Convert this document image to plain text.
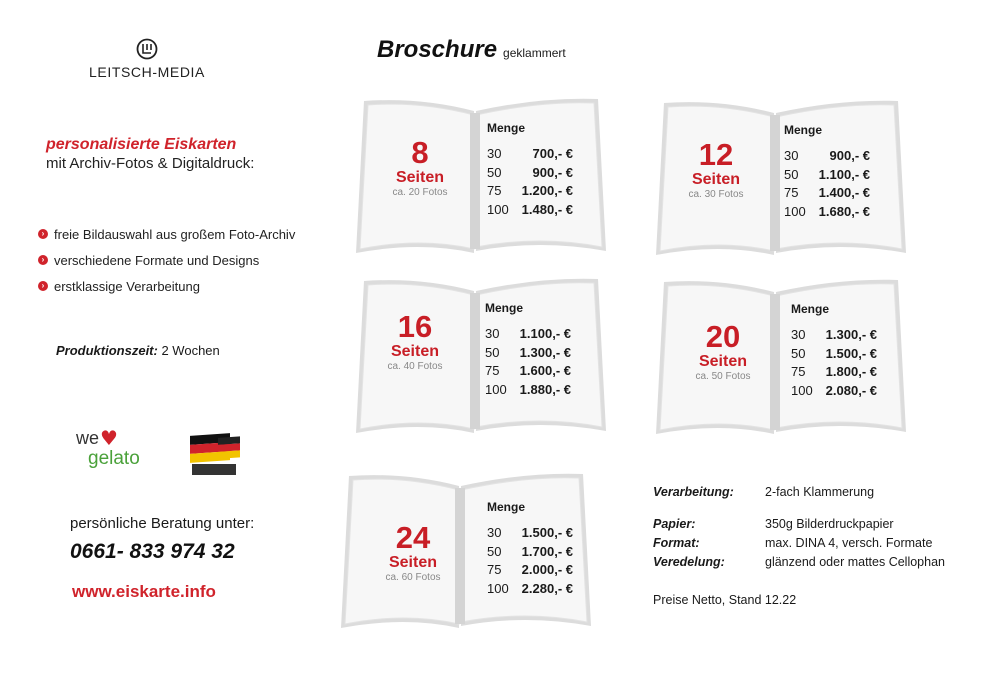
LEITSCH-MEDIA
Broschure geklammert
personalisierte Eiskarten
mit Archiv-Fotos & Digitaldruck:
› freie Bildauswahl aus großem Foto-Archiv
› verschiedene Formate und Designs
› erstklassige Verarbeitung
Produktionszeit: 2 Wochen
we ♥
gelato
persönliche Beratung unter:
0661- 833 974 32
www.eiskarte.info
8
Seiten
ca. 20 Fotos
Menge
30	700,- €
50	900,- €
75	1.200,- €
100 1.480,- €
12
Seiten
ca. 30 Fotos
Menge
30	900,- €
50	1.100,- €
75	1.400,- €
100 1.680,- €
16
Seiten
ca. 40 Fotos
Menge
30	1.100,- €
50	1.300,- €
75	1.600,- €
100 1.880,- €
20
Seiten
ca. 50 Fotos
Menge
30	1.300,- €
50	1.500,- €
75	1.800,- €
100 2.080,- €
24
Seiten
ca. 60 Fotos
Menge
30	1.500,- €
50	1.700,- €
75	2.000,- €
100 2.280,- €
Verarbeitung:	2-fach Klammerung
Papier:	350g Bilderdruckpapier
Format:	max. DINA 4, versch. Formate
Veredelung:	glänzend oder mattes Cellophan
Preise Netto, Stand 12.22
